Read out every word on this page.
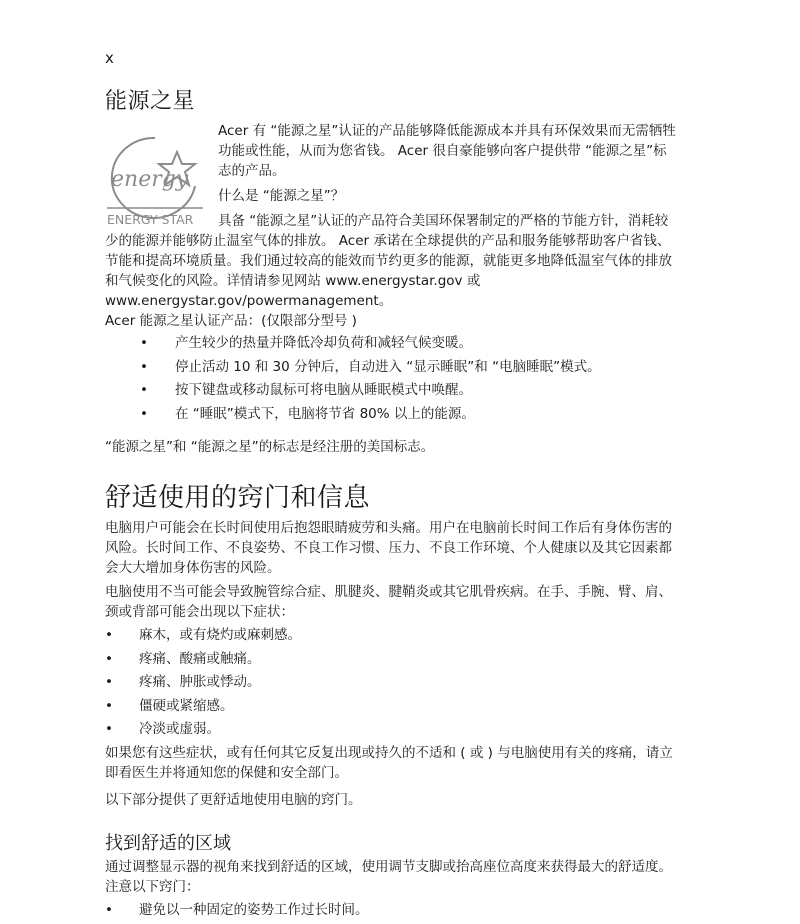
x
能源之星
energy
ENERGY STAR

Acer 有 “能源之星”认证的产品能够降低能源成本并具有环保效果而无需牺牲功能或性能，从而为您省钱。 Acer 很自豪能够向客户提供带 “能源之星”标志的产品。

什么是 “能源之星”？

具备 “能源之星”认证的产品符合美国环保署制定的严格的节能方针，消耗较少的能源并能够防止温室气体的排放。 Acer 承诺在全球提供的产品和服务能够帮助客户省钱、节能和提高环境质量。我们通过较高的能效而节约更多的能源，就能更多地降低温室气体的排放和气候变化的风险。详情请参见网站 www.energystar.gov 或 www.energystar.gov/powermanagement。

Acer 能源之星认证产品：(仅限部分型号 )

• 产生较少的热量并降低冷却负荷和减轻气候变暖。
• 停止活动 10 和 30 分钟后，自动进入 “显示睡眠”和 “电脑睡眠”模式。
• 按下键盘或移动鼠标可将电脑从睡眠模式中唤醒。
• 在 “睡眠”模式下，电脑将节省 80% 以上的能源。

“能源之星”和 “能源之星”的标志是经注册的美国标志。

舒适使用的窍门和信息

电脑用户可能会在长时间使用后抱怨眼睛疲劳和头痛。用户在电脑前长时间工作后有身体伤害的风险。长时间工作、不良姿势、不良工作习惯、压力、不良工作环境、个人健康以及其它因素都会大大增加身体伤害的风险。

电脑使用不当可能会导致腕管综合症、肌腱炎、腱鞘炎或其它肌骨疾病。在手、手腕、臂、肩、颈或背部可能会出现以下症状：

• 麻木，或有烧灼或麻刺感。
• 疼痛、酸痛或触痛。
• 疼痛、肿胀或悸动。
• 僵硬或紧缩感。
• 冷淡或虚弱。

如果您有这些症状，或有任何其它反复出现或持久的不适和 ( 或 ) 与电脑使用有关的疼痛，请立即看医生并将通知您的保健和安全部门。

以下部分提供了更舒适地使用电脑的窍门。

找到舒适的区域

通过调整显示器的视角来找到舒适的区域，使用调节支脚或抬高座位高度来获得最大的舒适度。注意以下窍门：

• 避免以一种固定的姿势工作过长时间。
